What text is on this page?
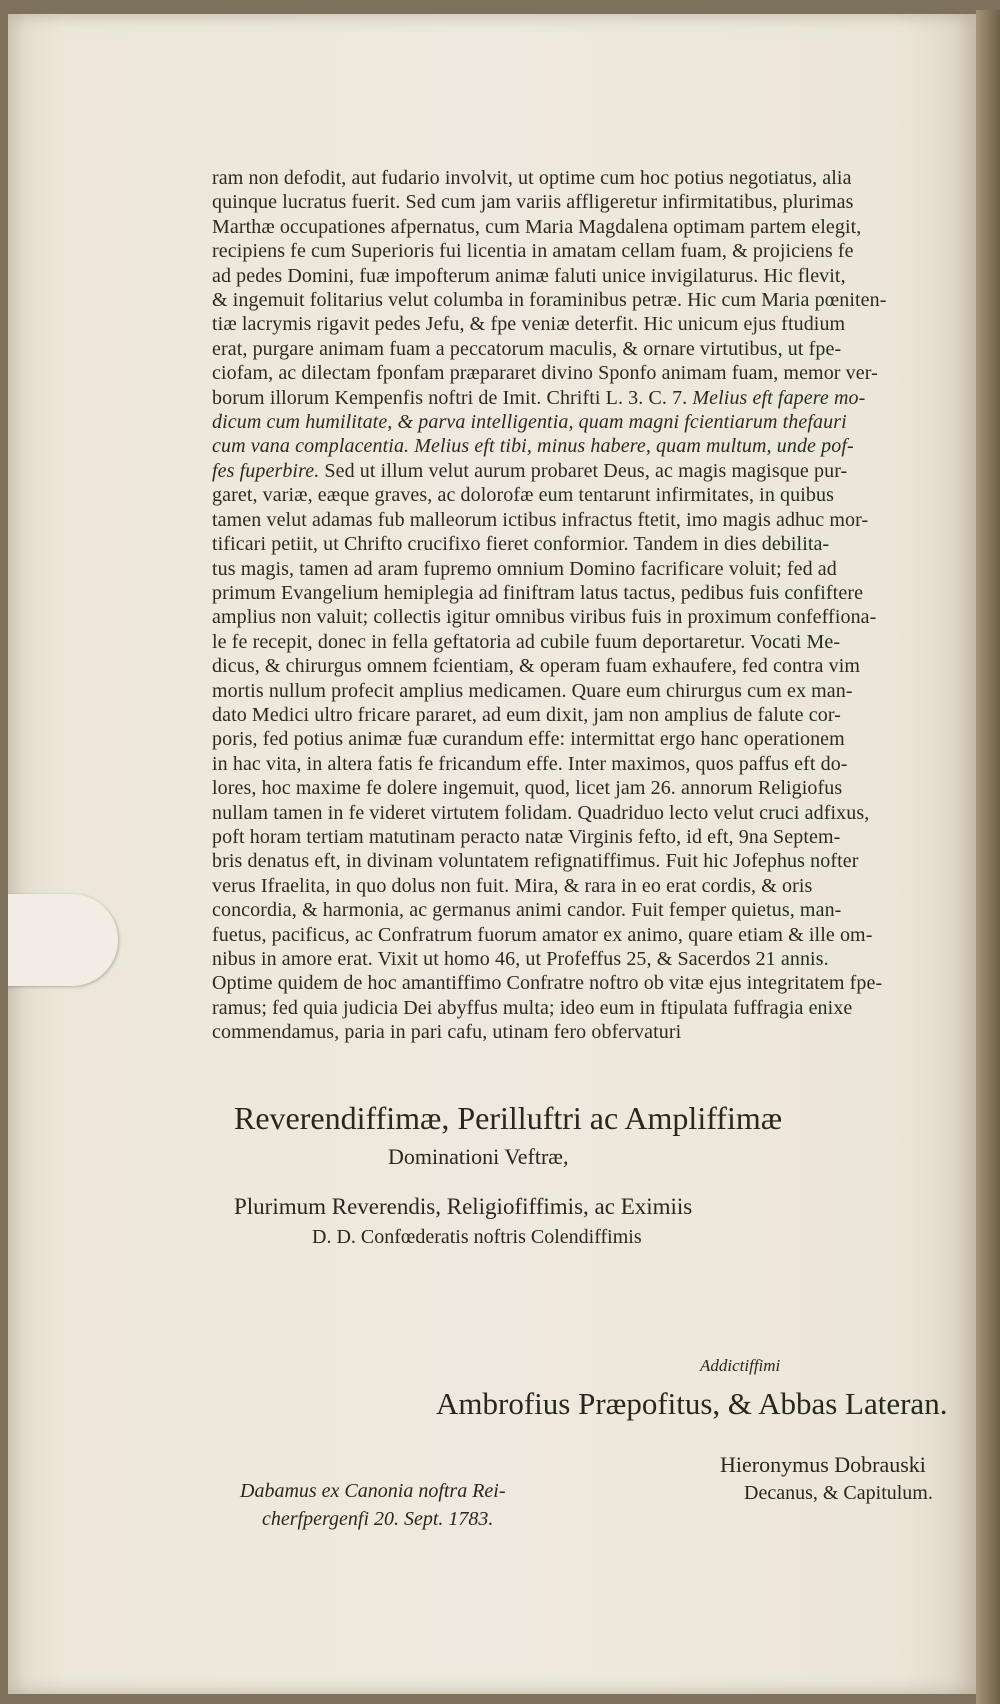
ram non defodit, aut fudario involvit, ut optime cum hoc potius negotiatus, alia
quinque lucratus fuerit. Sed cum jam variis affligeretur infirmitatibus, plurimas
Marthæ occupationes afpernatus, cum Maria Magdalena optimam partem elegit,
recipiens fe cum Superioris fui licentia in amatam cellam fuam, & projiciens fe
ad pedes Domini, fuæ impofterum animæ faluti unice invigilaturus. Hic flevit,
& ingemuit folitarius velut columba in foraminibus petræ. Hic cum Maria pœniten-
tiæ lacrymis rigavit pedes Jefu, & fpe veniæ deterfit. Hic unicum ejus ftudium
erat, purgare animam fuam a peccatorum maculis, & ornare virtutibus, ut fpe-
ciofam, ac dilectam fponfam præpararet divino Sponfo animam fuam, memor ver-
borum illorum Kempenfis noftri de Imit. Chrifti L. 3. C. 7. Melius eft fapere mo-
dicum cum humilitate, & parva intelligentia, quam magni fcientiarum thefauri
cum vana complacentia. Melius eft tibi, minus habere, quam multum, unde pof-
fes fuperbire. Sed ut illum velut aurum probaret Deus, ac magis magisque pur-
garet, variæ, eæque graves, ac dolorofæ eum tentarunt infirmitates, in quibus
tamen velut adamas fub malleorum ictibus infractus ftetit, imo magis adhuc mor-
tificari petiit, ut Chrifto crucifixo fieret conformior. Tandem in dies debilita-
tus magis, tamen ad aram fupremo omnium Domino facrificare voluit; fed ad
primum Evangelium hemiplegia ad finiftram latus tactus, pedibus fuis confiftere
amplius non valuit; collectis igitur omnibus viribus fuis in proximum confeffiona-
le fe recepit, donec in fella geftatoria ad cubile fuum deportaretur. Vocati Me-
dicus, & chirurgus omnem fcientiam, & operam fuam exhaufere, fed contra vim
mortis nullum profecit amplius medicamen. Quare eum chirurgus cum ex man-
dato Medici ultro fricare pararet, ad eum dixit, jam non amplius de falute cor-
poris, fed potius animæ fuæ curandum effe: intermittat ergo hanc operationem
in hac vita, in altera fatis fe fricandum effe. Inter maximos, quos paffus eft do-
lores, hoc maxime fe dolere ingemuit, quod, licet jam 26. annorum Religiofus
nullam tamen in fe videret virtutem folidam. Quadriduo lecto velut cruci adfixus,
poft horam tertiam matutinam peracto natæ Virginis fefto, id eft, 9na Septem-
bris denatus eft, in divinam voluntatem refignatiffimus. Fuit hic Jofephus nofter
verus Ifraelita, in quo dolus non fuit. Mira, & rara in eo erat cordis, & oris
concordia, & harmonia, ac germanus animi candor. Fuit femper quietus, man-
fuetus, pacificus, ac Confratrum fuorum amator ex animo, quare etiam & ille om-
nibus in amore erat. Vixit ut homo 46, ut Profeffus 25, & Sacerdos 21 annis.
Optime quidem de hoc amantiffimo Confratre noftro ob vitæ ejus integritatem fpe-
ramus; fed quia judicia Dei abyffus multa; ideo eum in ftipulata fuffragia enixe
commendamus, paria in pari cafu, utinam fero obfervaturi
Reverendiffimæ, Perilluftri ac Ampliffimæ
Dominationi Veftræ,
Plurimum Reverendis, Religiofiffimis, ac Eximiis
D. D. Confœderatis noftris Colendiffimis
Addictiffimi
Ambrofius Præpofitus, & Abbas Lateran.
Hieronymus Dobrauski
Decanus, & Capitulum.
Dabamus ex Canonia noftra Rei-
cherfpergenfi 20. Sept. 1783.
